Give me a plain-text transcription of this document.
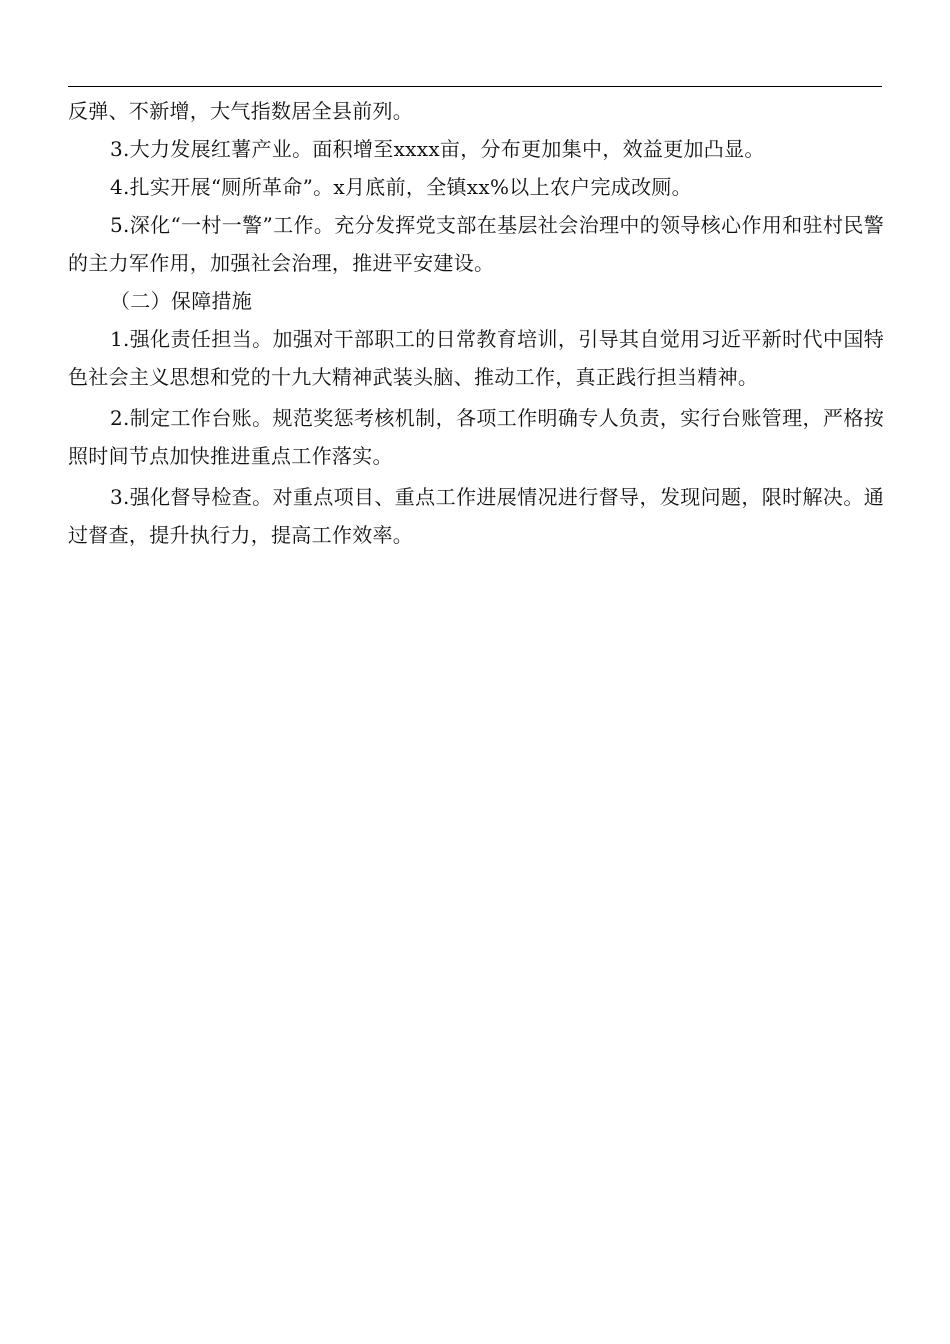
反弹、不新增，大气指数居全县前列。

3.大力发展红薯产业。面积增至xxxx亩，分布更加集中，效益更加凸显。

4.扎实开展“厕所革命”。x月底前，全镇xx%以上农户完成改厕。

5.深化“一村一警”工作。充分发挥党支部在基层社会治理中的领导核心作用和驻村民警的主力军作用，加强社会治理，推进平安建设。

（二）保障措施

1.强化责任担当。加强对干部职工的日常教育培训，引导其自觉用习近平新时代中国特色社会主义思想和党的十九大精神武装头脑、推动工作，真正践行担当精神。

2.制定工作台账。规范奖惩考核机制，各项工作明确专人负责，实行台账管理，严格按照时间节点加快推进重点工作落实。

3.强化督导检查。对重点项目、重点工作进展情况进行督导，发现问题，限时解决。通过督查，提升执行力，提高工作效率。
